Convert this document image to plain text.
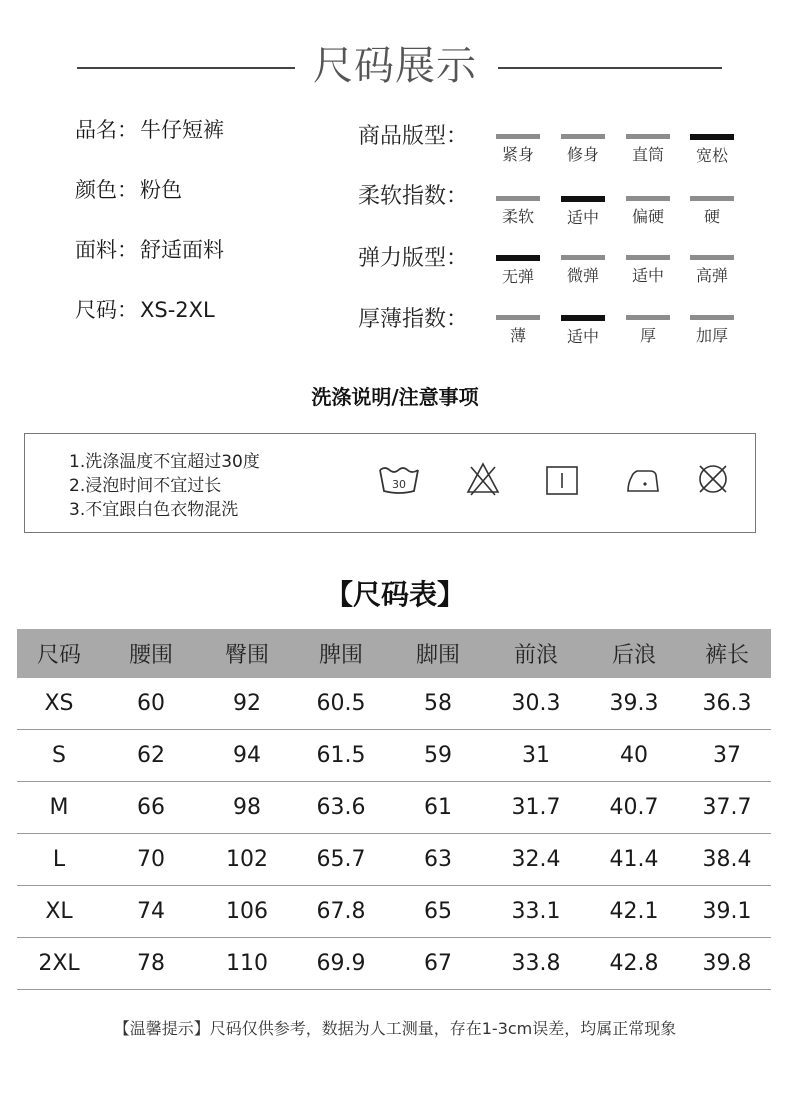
尺码展示
品名：牛仔短裤
颜色：粉色
面料：舒适面料
尺码：XS-2XL
商品版型：
紧身	修身	直筒	宽松
柔软指数：
柔软	适中	偏硬	硬
弹力版型：
无弹	微弹	适中	高弹
厚薄指数：
薄	适中	厚	加厚
洗涤说明/注意事项
1.洗涤温度不宜超过30度
2.浸泡时间不宜过长
3.不宜跟白色衣物混洗
30
【尺码表】
尺码	腰围	臀围	脾围	脚围	前浪	后浪	裤长
XS	60	92	60.5	58	30.3	39.3	36.3
S	62	94	61.5	59	31	40	37
M	66	98	63.6	61	31.7	40.7	37.7
L	70	102	65.7	63	32.4	41.4	38.4
XL	74	106	67.8	65	33.1	42.1	39.1
2XL	78	110	69.9	67	33.8	42.8	39.8
【温馨提示】尺码仅供参考，数据为人工测量，存在1-3cm误差，均属正常现象
